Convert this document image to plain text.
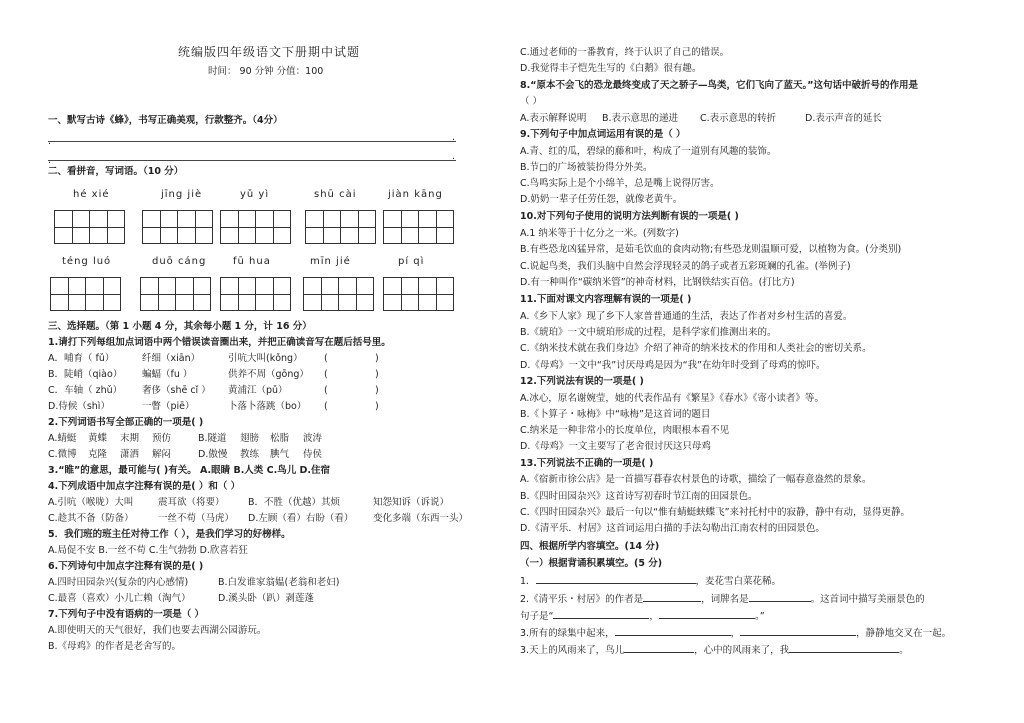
统编版四年级语文下册期中试题
时间： 90 分钟 分值：100
一、默写古诗《蜂》，书写正确美观，行款整齐。（4分）
.
.
.
.
二、看拼音，写词语。（10 分）
hé xié	jīng jiè	yǔ yì	shū cài	jiàn kāng
téng luó	duō cáng	fū hua	mīn jié	pí qì
三、选择题。（第 1 小题 4 分，其余每小题 1 分，计 16 分）
1.请打下列每组加点词语中两个错误读音圈出来，并把正确读音写在题后括号里。
A．哺育（ fǔ）	纤细（xiān）	引吭大叫(kǒng） (	)
B．陡峭（qiào） 蝙蝠（fu ）	供养不周（gōng） (	)
C．车轴（ zhǔ） 奢侈（shē cǐ ） 黄浦江（pǔ）	(	)
D.侍候（shì）	一瞥（piē）	卜落卜落跳（bo） (	)
2.下列词语书写全部正确的一项是( )
A.蜻蜓 黄蝶 末期 预仿	B.隧道 翅膀 松脂 波涛
C.微博 克隆 潇洒 解闷	D.傲慢 教练 腆气 侍侯
3.“睢”的意思，最可能与( )有关。 A.眼睛 B.人类 C.鸟儿 D.住宿
4.下列成语中加点字注释有误的是( ）和（ ）
A.引吭（喉咙）大叫	震耳欲（将要） B．不胜（优越）其烦	知怨知诉（诉说）
C.趁其不备（防备）	一丝不苟（马虎） D.左顾（看）右盼（看） 变化多端（东西一头）
5．我们班的班主任对待工作（ ），是我们学习的好榜样。
A.局促不安 B.一丝不苟 C.生气勃勃 D.欣喜若狂
6.下列诗句中加点字注释有误的是( )
A.四时田园杂兴(复杂的内心感情)	B.白发谁家翁媪(老翁和老妇)
C.最喜（喜欢）小儿亡赖（淘气）	D.溪头卧（趴）剥莲蓬
7.下列句子中没有语病的一项是（ ）
A.即使明天的天气很好，我们也要去西湖公园游玩。
B.《母鸡》的作者是老舍写的。
C.通过老师的一番教育，终于认识了自己的错误。
D.我觉得丰子恺先生写的《白鹅》很有趣。
8.“原本不会飞的恐龙最终变成了天之骄子—鸟类，它们飞向了蓝天。”这句话中破折号的作用是
（ ）
A.表示解释说明 B.表示意思的递进 C.表示意思的转折	D.表示声音的延长
9.下列句子中加点词运用有误的是（ ）
A.青、红的瓜，碧绿的藤和叶，构成了一道别有风趣的装饰。
B.节□的广场被装扮得分外美。
C.鸟鸣实际上是个小绵羊，总是嘴上说得厉害。
D.奶奶一辈子任劳任怨，就像老黄牛。
10.对下列句子使用的说明方法判断有误的一项是( )
A.1 纳米等于十亿分之一米。(列数字)
B.有些恐龙凶猛异常，是茹毛饮血的食肉动物;有些恐龙则温顺可爱，以植物为食。(分类别)
C.说起鸟类，我们头脑中自然会浮现轻灵的鸽子或者五彩斑斓的孔雀。(举例子)
D.有一种叫作“碳纳米管”的神奇材料，比钢铁结实百倍。(打比方)
11.下面对课文内容理解有误的一项是( )
A.《乡下人家》现了乡下人家普普通通的生活，表达了作者对乡村生活的喜爱。
B.《琥珀》一文中琥珀形成的过程，是科学家们推测出来的。
C.《纳米技术就在我们身边》介绍了神奇的纳米技术的作用和人类社会的密切关系。
D.《母鸡》一文中“我”讨厌母鸡是因为“我”在幼年时受到了母鸡的惊吓。
12.下列说法有误的一项是( )
A.冰心，原名谢婉莹，她的代表作品有《繁星》《春水》《寄小读者》等。
B.《卜算子・咏梅》中“咏梅”是这首词的题目
C.纳米是一种非常小的长度单位，肉眼根本看不见
D.《母鸡》一文主要写了老舍很讨厌这只母鸡
13.下列说法不正确的一项是( )
A.《宿新市徐公店》是一首描写暮春农村景色的诗歌，描绘了一幅春意盎然的景象。
B.《四时田园杂兴》这首诗写初春时节江南的田园景色。
C.《四时田园杂兴》最后一句以“惟有蜻蜓蛱蝶飞”来衬托村中的寂静，静中有动，显得更静。
D.《清平乐．村居》这首词运用白描的手法勾勒出江南农村的田园景色。
四、根据所学内容填空。(14 分)
（一）根据背诵积累填空。(5 分)
1．	，麦花雪白菜花稀。
2.《清平乐・村居》的作者是	，词牌名是	。这首词中描写美丽景色的
句子是“	，	。”
3.所有的绿集中起来，	，	，静静地交叉在一起。
3.天上的风雨来了，鸟儿	，心中的风雨来了，我	。
